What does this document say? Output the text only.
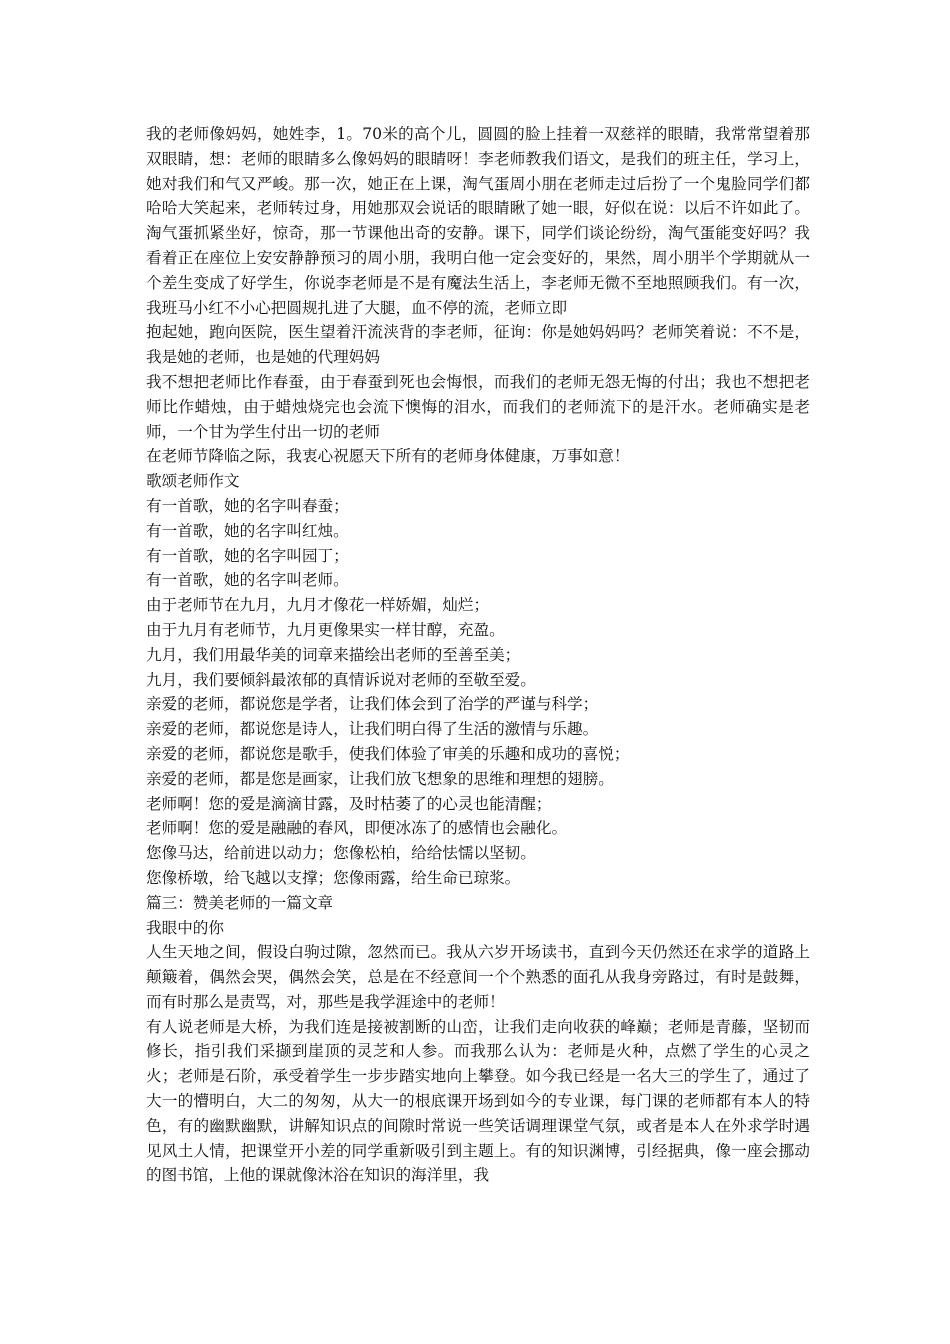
我的老师像妈妈，她姓李，1。70米的高个儿，圆圆的脸上挂着一双慈祥的眼睛，我常常望着那双眼睛，想：老师的眼睛多么像妈妈的眼睛呀！李老师教我们语文，是我们的班主任，学习上，她对我们和气又严峻。那一次，她正在上课，淘气蛋周小朋在老师走过后扮了一个鬼脸同学们都哈哈大笑起来，老师转过身，用她那双会说话的眼睛瞅了她一眼，好似在说：以后不许如此了。淘气蛋抓紧坐好，惊奇，那一节课他出奇的安静。课下，同学们谈论纷纷，淘气蛋能变好吗？我看着正在座位上安安静静预习的周小朋，我明白他一定会变好的，果然，周小朋半个学期就从一个差生变成了好学生，你说李老师是不是有魔法生活上，李老师无微不至地照顾我们。有一次，我班马小红不小心把圆规扎进了大腿，血不停的流，老师立即

抱起她，跑向医院，医生望着汗流浃背的李老师，征询：你是她妈妈吗？老师笑着说：不不是，我是她的老师，也是她的代理妈妈

我不想把老师比作春蚕，由于春蚕到死也会悔恨，而我们的老师无怨无悔的付出；我也不想把老师比作蜡烛，由于蜡烛烧完也会流下懊悔的泪水，而我们的老师流下的是汗水。老师确实是老师，一个甘为学生付出一切的老师

在老师节降临之际，我衷心祝愿天下所有的老师身体健康，万事如意！

歌颂老师作文

有一首歌，她的名字叫春蚕；

有一首歌，她的名字叫红烛。

有一首歌，她的名字叫园丁；

有一首歌，她的名字叫老师。

由于老师节在九月，九月才像花一样娇媚，灿烂；

由于九月有老师节，九月更像果实一样甘醇，充盈。

九月，我们用最华美的词章来描绘出老师的至善至美；

九月，我们要倾斜最浓郁的真情诉说对老师的至敬至爱。

亲爱的老师，都说您是学者，让我们体会到了治学的严谨与科学；

亲爱的老师，都说您是诗人，让我们明白得了生活的激情与乐趣。

亲爱的老师，都说您是歌手，使我们体验了审美的乐趣和成功的喜悦；

亲爱的老师，都是您是画家，让我们放飞想象的思维和理想的翅膀。

老师啊！您的爱是滴滴甘露，及时枯萎了的心灵也能清醒；

老师啊！您的爱是融融的春风，即便冰冻了的感情也会融化。

您像马达，给前进以动力；您像松柏，给给怯懦以坚韧。

您像桥墩，给飞越以支撑；您像雨露，给生命已琼浆。

篇三：赞美老师的一篇文章

我眼中的你

人生天地之间，假设白驹过隙，忽然而已。我从六岁开场读书，直到今天仍然还在求学的道路上颠簸着，偶然会哭，偶然会笑，总是在不经意间一个个熟悉的面孔从我身旁路过，有时是鼓舞，而有时那么是责骂，对，那些是我学涯途中的老师！

有人说老师是大桥，为我们连是接被割断的山峦，让我们走向收获的峰巅；老师是青藤，坚韧而修长，指引我们采撷到崖顶的灵芝和人参。而我那么认为：老师是火种，点燃了学生的心灵之火；老师是石阶，承受着学生一步步踏实地向上攀登。如今我已经是一名大三的学生了，通过了大一的懵明白，大二的匆匆，从大一的根底课开场到如今的专业课，每门课的老师都有本人的特色，有的幽默幽默，讲解知识点的间隙时常说一些笑话调理课堂气氛，或者是本人在外求学时遇见风土人情，把课堂开小差的同学重新吸引到主题上。有的知识渊博，引经据典，像一座会挪动的图书馆，上他的课就像沐浴在知识的海洋里，我
